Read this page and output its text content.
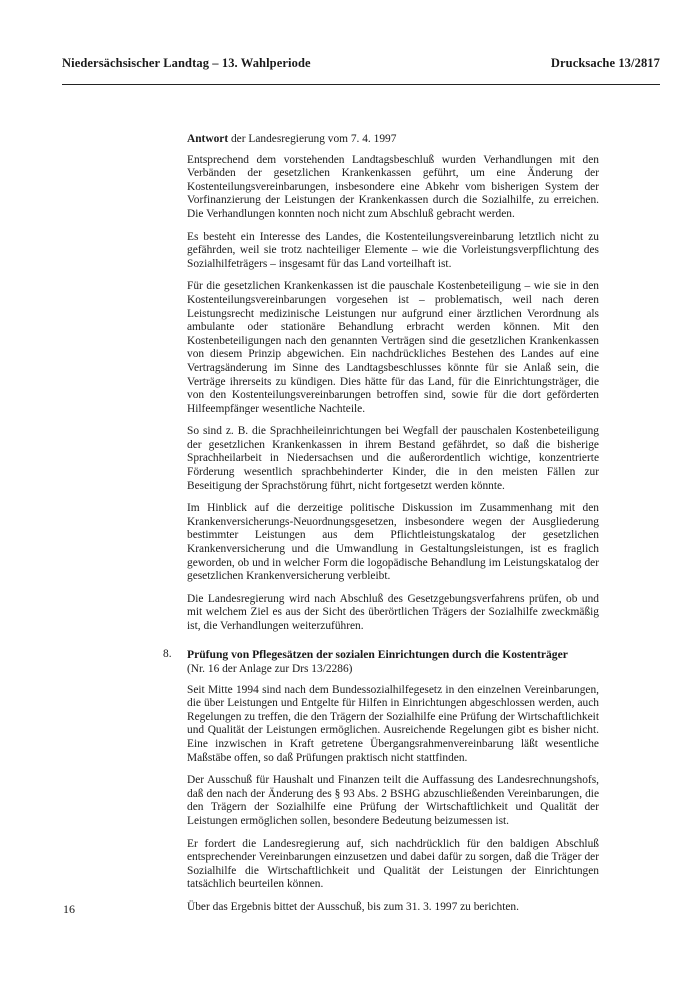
Niedersächsischer Landtag – 13. Wahlperiode	Drucksache 13/2817

Antwort der Landesregierung vom 7. 4. 1997

Entsprechend dem vorstehenden Landtagsbeschluß wurden Verhandlungen mit den Verbänden der gesetzlichen Krankenkassen geführt, um eine Änderung der Kostenteilungsvereinbarungen, insbesondere eine Abkehr vom bisherigen System der Vorfinanzierung der Leistungen der Krankenkassen durch die Sozialhilfe, zu erreichen. Die Verhandlungen konnten noch nicht zum Abschluß gebracht werden.

Es besteht ein Interesse des Landes, die Kostenteilungsvereinbarung letztlich nicht zu gefährden, weil sie trotz nachteiliger Elemente – wie die Vorleistungsverpflichtung des Sozialhilfeträgers – insgesamt für das Land vorteilhaft ist.

Für die gesetzlichen Krankenkassen ist die pauschale Kostenbeteiligung – wie sie in den Kostenteilungsvereinbarungen vorgesehen ist – problematisch, weil nach deren Leistungsrecht medizinische Leistungen nur aufgrund einer ärztlichen Verordnung als ambulante oder stationäre Behandlung erbracht werden können. Mit den Kostenbeteiligungen nach den genannten Verträgen sind die gesetzlichen Krankenkassen von diesem Prinzip abgewichen. Ein nachdrückliches Bestehen des Landes auf eine Vertragsänderung im Sinne des Landtagsbeschlusses könnte für sie Anlaß sein, die Verträge ihrerseits zu kündigen. Dies hätte für das Land, für die Einrichtungsträger, die von den Kostenteilungsvereinbarungen betroffen sind, sowie für die dort geförderten Hilfeempfänger wesentliche Nachteile.

So sind z. B. die Sprachheileinrichtungen bei Wegfall der pauschalen Kostenbeteiligung der gesetzlichen Krankenkassen in ihrem Bestand gefährdet, so daß die bisherige Sprachheilarbeit in Niedersachsen und die außerordentlich wichtige, konzentrierte Förderung wesentlich sprachbehinderter Kinder, die in den meisten Fällen zur Beseitigung der Sprachstörung führt, nicht fortgesetzt werden könnte.

Im Hinblick auf die derzeitige politische Diskussion im Zusammenhang mit den Krankenversicherungs-Neuordnungsgesetzen, insbesondere wegen der Ausgliederung bestimmter Leistungen aus dem Pflichtleistungskatalog der gesetzlichen Krankenversicherung und die Umwandlung in Gestaltungsleistungen, ist es fraglich geworden, ob und in welcher Form die logopädische Behandlung im Leistungskatalog der gesetzlichen Krankenversicherung verbleibt.

Die Landesregierung wird nach Abschluß des Gesetzgebungsverfahrens prüfen, ob und mit welchem Ziel es aus der Sicht des überörtlichen Trägers der Sozialhilfe zweckmäßig ist, die Verhandlungen weiterzuführen.

8. Prüfung von Pflegesätzen der sozialen Einrichtungen durch die Kostenträger
(Nr. 16 der Anlage zur Drs 13/2286)

Seit Mitte 1994 sind nach dem Bundessozialhilfegesetz in den einzelnen Vereinbarungen, die über Leistungen und Entgelte für Hilfen in Einrichtungen abgeschlossen werden, auch Regelungen zu treffen, die den Trägern der Sozialhilfe eine Prüfung der Wirtschaftlichkeit und Qualität der Leistungen ermöglichen. Ausreichende Regelungen gibt es bisher nicht. Eine inzwischen in Kraft getretene Übergangsrahmenvereinbarung läßt wesentliche Maßstäbe offen, so daß Prüfungen praktisch nicht stattfinden.

Der Ausschuß für Haushalt und Finanzen teilt die Auffassung des Landesrechnungshofs, daß den nach der Änderung des § 93 Abs. 2 BSHG abzuschließenden Vereinbarungen, die den Trägern der Sozialhilfe eine Prüfung der Wirtschaftlichkeit und Qualität der Leistungen ermöglichen sollen, besondere Bedeutung beizumessen ist.

Er fordert die Landesregierung auf, sich nachdrücklich für den baldigen Abschluß entsprechender Vereinbarungen einzusetzen und dabei dafür zu sorgen, daß die Träger der Sozialhilfe die Wirtschaftlichkeit und Qualität der Leistungen der Einrichtungen tatsächlich beurteilen können.

Über das Ergebnis bittet der Ausschuß, bis zum 31. 3. 1997 zu berichten.

16
